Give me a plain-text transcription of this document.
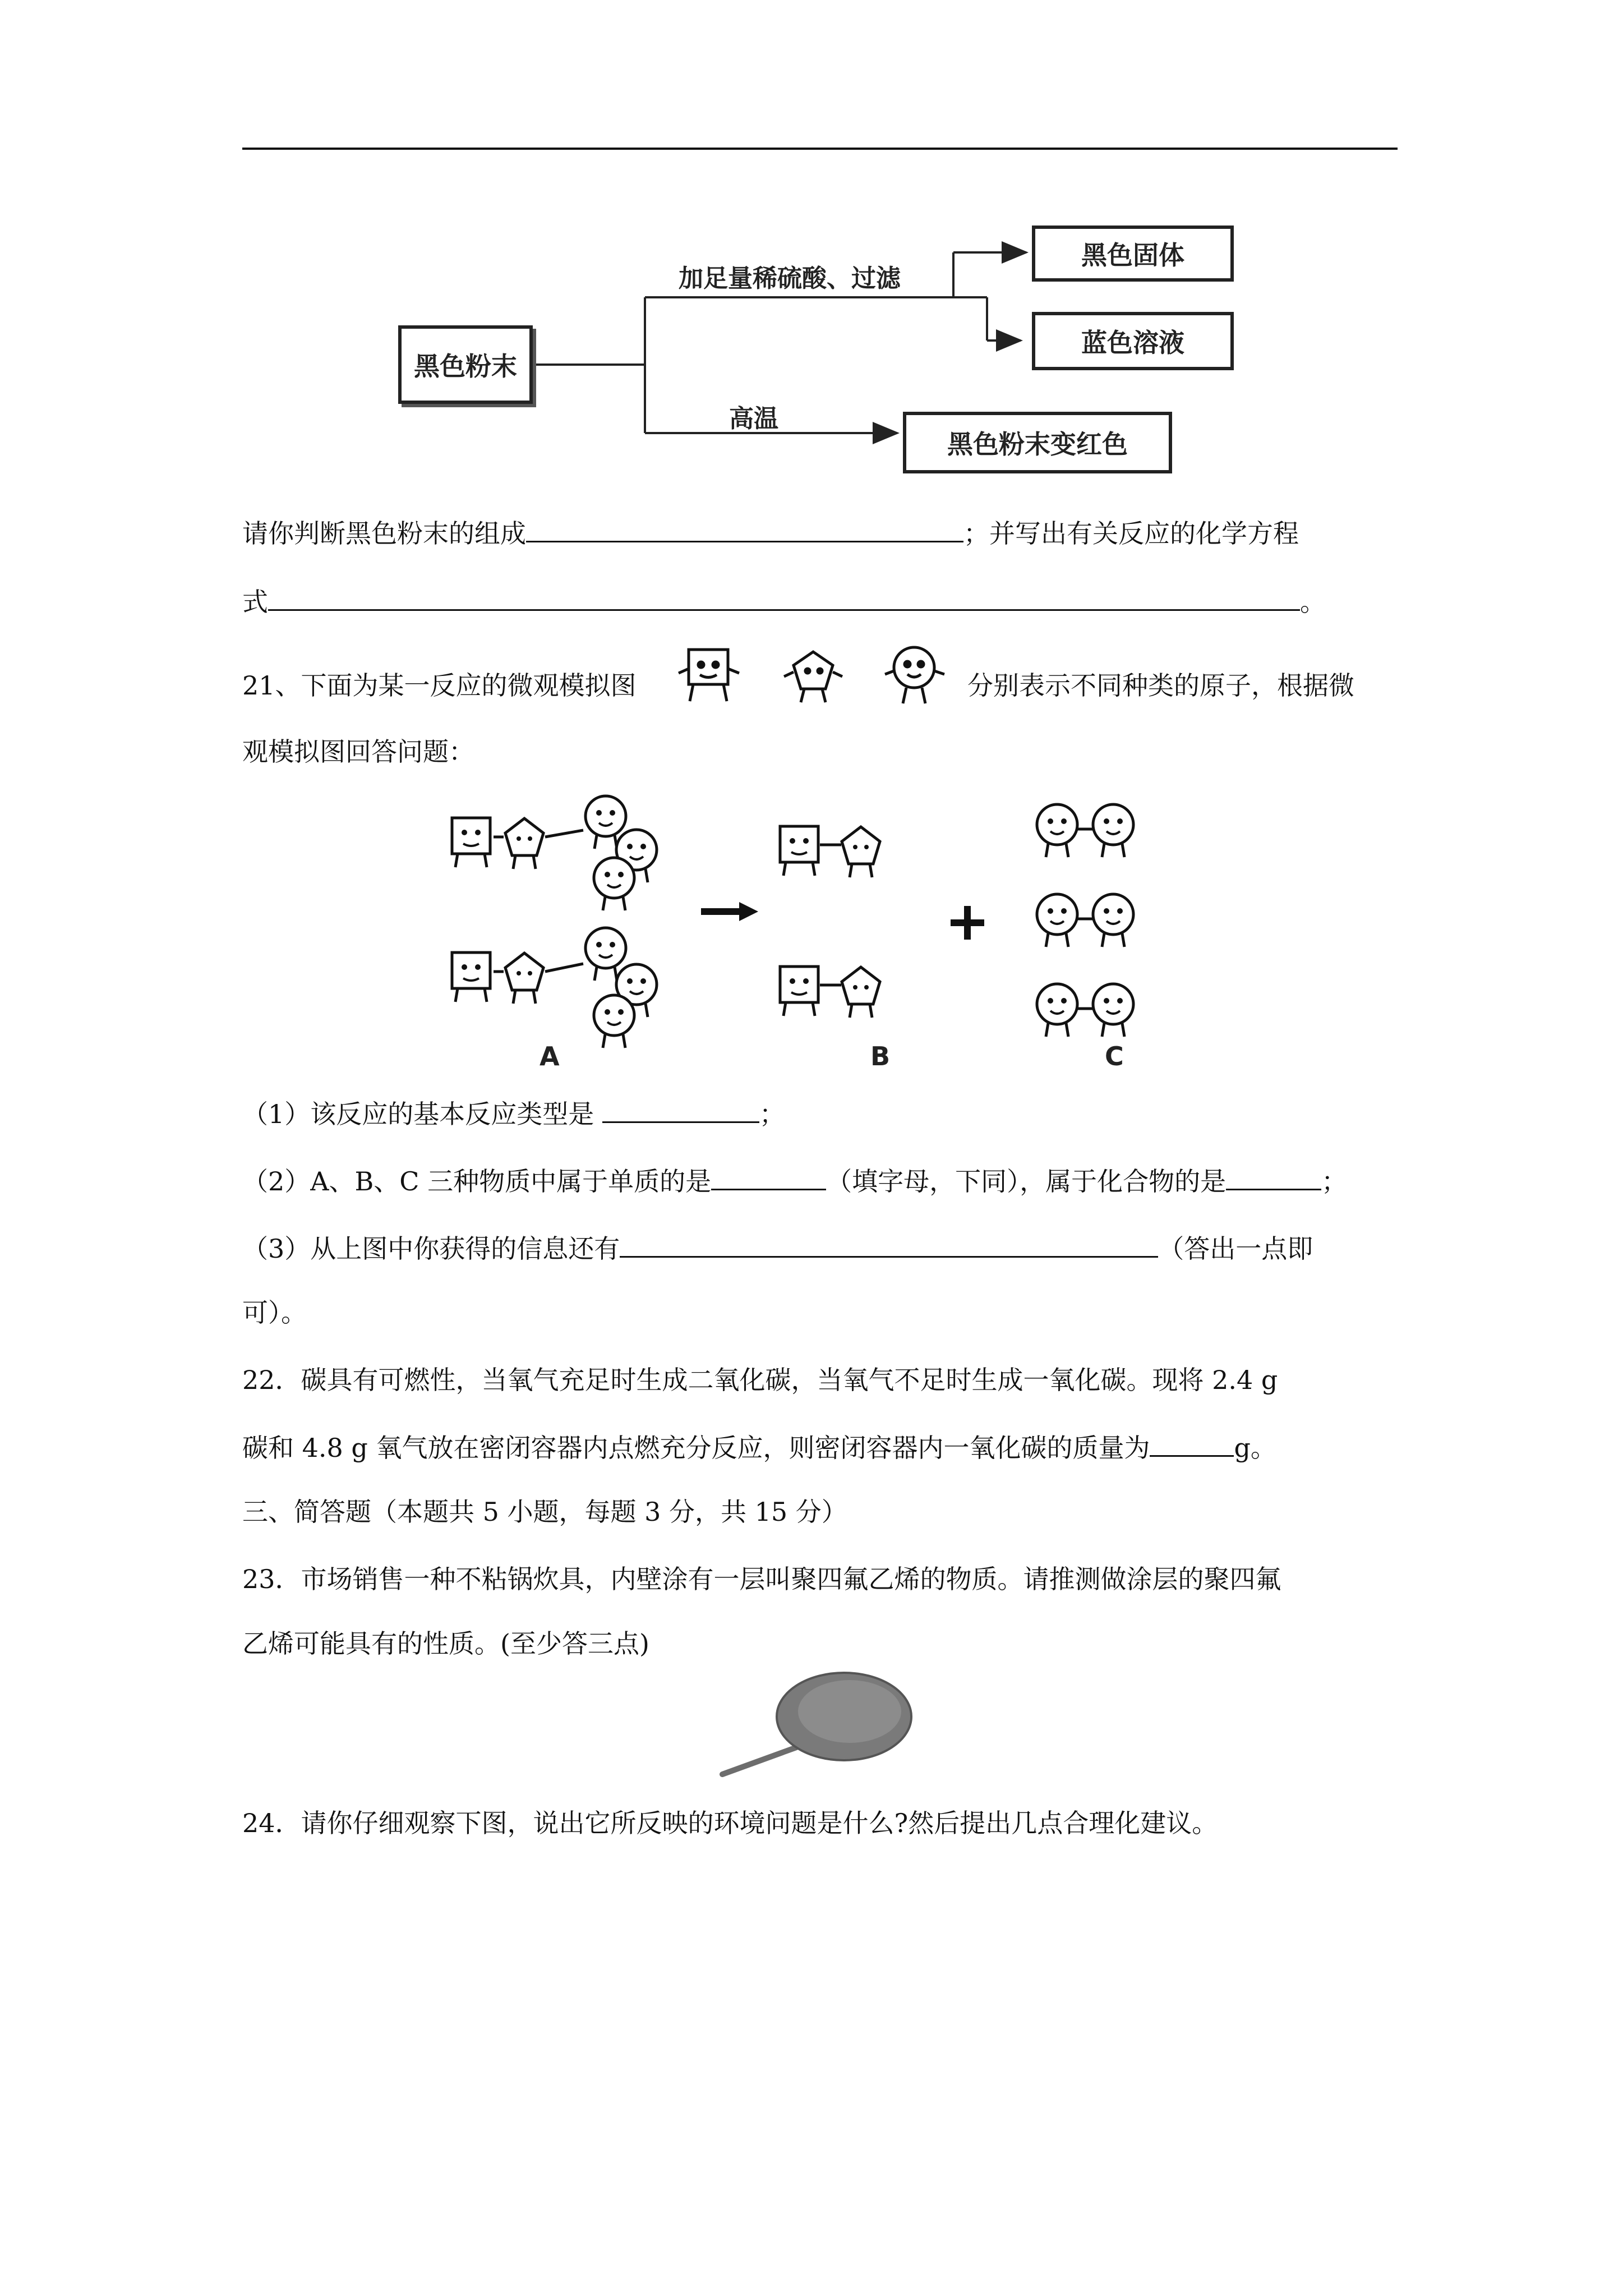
黑色粉末
加足量稀硫酸、过滤
高温
黑色固体
蓝色溶液
黑色粉末变红色
请你判断黑色粉末的组成	；并写出有关反应的化学方程
式	。
21、下面为某一反应的微观模拟图	分别表示不同种类的原子，根据微
观模拟图回答问题：
A	B	C
（1）该反应的基本反应类型是	；
（2）A、B、C 三种物质中属于单质的是	（填字母，下同），属于化合物的是	；
（3）从上图中你获得的信息还有	（答出一点即
可）。
22．碳具有可燃性，当氧气充足时生成二氧化碳，当氧气不足时生成一氧化碳。现将 2.4 g
碳和 4.8 g 氧气放在密闭容器内点燃充分反应，则密闭容器内一氧化碳的质量为	g。
三、简答题（本题共 5 小题，每题 3 分，共 15 分）
23．市场销售一种不粘锅炊具，内壁涂有一层叫聚四氟乙烯的物质。请推测做涂层的聚四氟
乙烯可能具有的性质。(至少答三点)
24．请你仔细观察下图，说出它所反映的环境问题是什么?然后提出几点合理化建议。
